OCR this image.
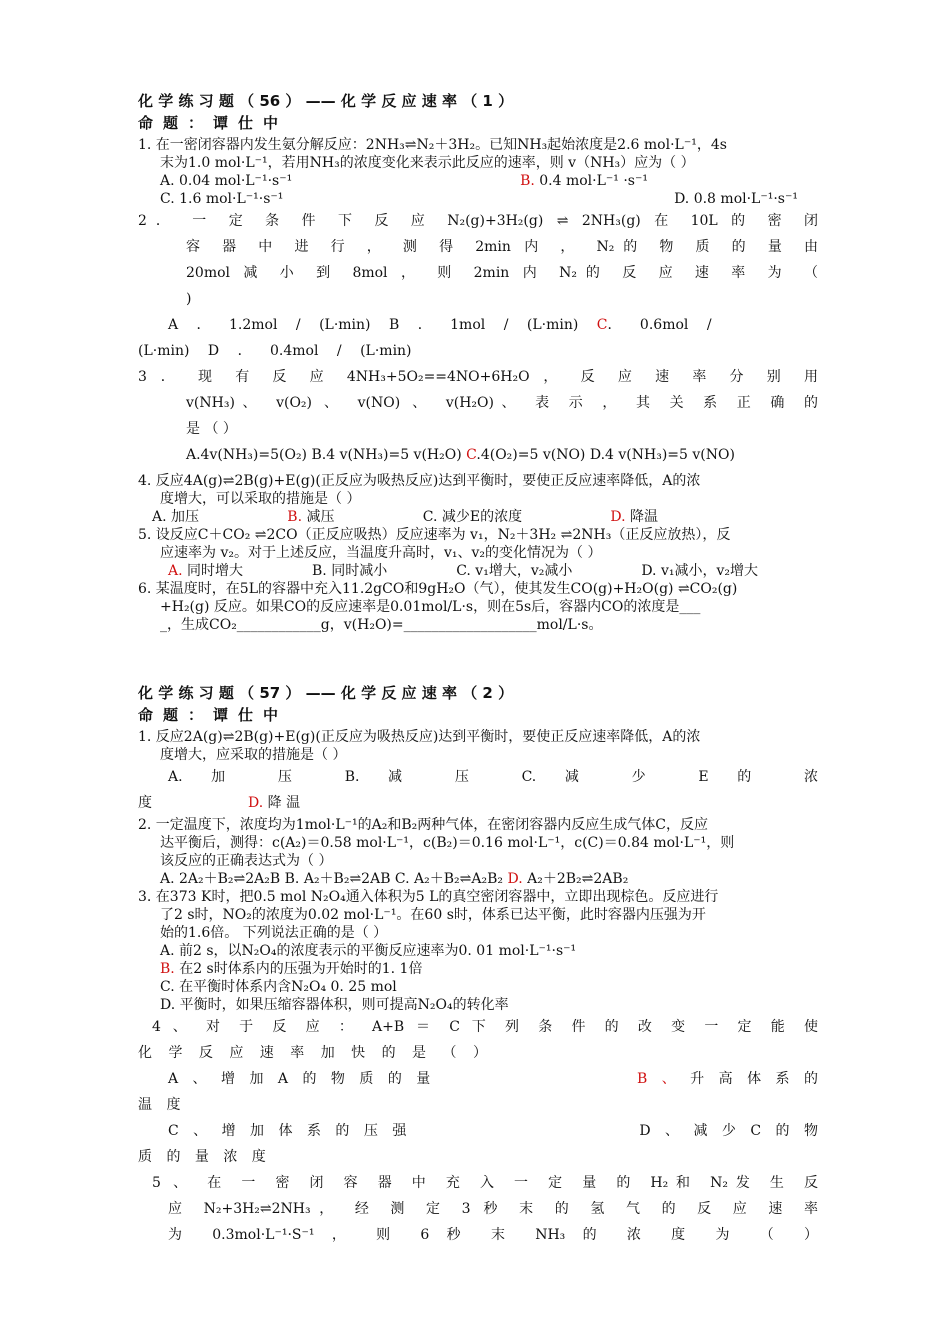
化 学 练 习 题 （ 56 ） —— 化 学 反 应 速 率 （ 1 ）
命题：谭仕中

1. 在一密闭容器内发生氨分解反应：2NH₃⇌N₂＋3H₂。已知NH₃起始浓度是2.6 mol·L⁻¹，4s

末为1.0 mol·L⁻¹，若用NH₃的浓度变化来表示此反应的速率，则 v（NH₃）应为（ ）

A. 0.04 mol·L⁻¹·s⁻¹	B. 0.4 mol·L⁻¹ ·s⁻¹
C. 1.6 mol·L⁻¹·s⁻¹	D. 0.8 mol·L⁻¹·s⁻¹

2． 一 定 条 件 下 反 应 N₂(g)+3H₂(g) ⇌ 2NH₃(g) 在 10L 的 密 闭

容 器 中 进 行 ， 测 得 2min 内 ， N₂的 物 质 的 量 由

20mol 减 小 到 8mol ， 则 2min 内 N₂的 反 应 速 率 为 （

)

A ． 1.2mol / (L·min) B ． 1mol / (L·min) C． 0.6mol /

(L·min) D ． 0.4mol / (L·min)

3 ． 现 有 反 应 4NH₃+5O₂==4NO+6H₂O ， 反 应 速 率 分 别 用

v(NH₃)、 v(O₂) 、 v(NO) 、 v(H₂O)、 表 示 ， 其 关 系 正 确 的

是 （ ）

A.4v(NH₃)=5(O₂) B.4 v(NH₃)=5 v(H₂O) C.4(O₂)=5 v(NO) D.4 v(NH₃)=5 v(NO)

4. 反应4A(g)⇌2B(g)+E(g)(正反应为吸热反应)达到平衡时，要使正反应速率降低，A的浓

度增大，可以采取的措施是（ ）

A. 加压	B. 减压	C. 减少E的浓度	D. 降温

5. 设反应C＋CO₂ ⇌2CO（正反应吸热）反应速率为 v₁，N₂＋3H₂ ⇌2NH₃（正反应放热），反

应速率为 v₂。对于上述反应，当温度升高时，v₁、v₂的变化情况为（ ）

A. 同时增大	B. 同时减小	C. v₁增大，v₂减小	D. v₁减小，v₂增大

6. 某温度时，在5L的容器中充入11.2gCO和9gH₂O（气），使其发生CO(g)+H₂O(g) ⇌CO₂(g)

+H₂(g) 反应。如果CO的反应速率是0.01mol/L·s，则在5s后，容器内CO的浓度是___

_，生成CO₂____________g，v(H₂O)=___________________mol/L·s。

化 学 练 习 题 （ 57 ） —— 化 学 反 应 速 率 （ 2 ）
命题：谭仕中

1. 反应2A(g)⇌2B(g)+E(g)(正反应为吸热反应)达到平衡时，要使正反应速率降低，A的浓

度增大，应采取的措施是（ ）

A. 加 压 B. 减 压 C. 减 少 E 的 浓

度	D. 降 温

2. 一定温度下，浓度均为1mol·L⁻¹的A₂和B₂两种气体，在密闭容器内反应生成气体C，反应

达平衡后，测得：c(A₂)＝0.58 mol·L⁻¹，c(B₂)＝0.16 mol·L⁻¹，c(C)＝0.84 mol·L⁻¹，则

该反应的正确表达式为（ ）

A. 2A₂＋B₂⇌2A₂B B. A₂＋B₂⇌2AB C. A₂＋B₂⇌A₂B₂ D. A₂＋2B₂⇌2AB₂

3. 在373 K时，把0.5 mol N₂O₄通入体积为5 L的真空密闭容器中，立即出现棕色。反应进行

了2 s时，NO₂的浓度为0.02 mol·L⁻¹。在60 s时，体系已达平衡，此时容器内压强为开

始的1.6倍。 下列说法正确的是（ ）

A. 前2 s，以N₂O₄的浓度表示的平衡反应速率为0. 01 mol·L⁻¹·s⁻¹

B. 在2 s时体系内的压强为开始时的1. 1倍

C. 在平衡时体系内含N₂O₄ 0. 25 mol

D. 平衡时，如果压缩容器体积，则可提高N₂O₄的转化率

4 、 对 于 反 应 ： A+B ＝ C 下 列 条 件 的 改 变 一 定 能 使

化 学 反 应 速 率 加 快 的 是 （ ）

A 、 增 加 A 的 物 质 的 量	B 、 升 高 体 系 的

温 度

C 、 增 加 体 系 的 压 强	D 、 减 少 C 的 物

质 的 量 浓 度

5 、 在 一 密 闭 容 器 中 充 入 一 定 量 的 H₂和 N₂发 生 反

应 N₂+3H₂⇌2NH₃， 经 测 定 3 秒 末 的 氢 气 的 反 应 速 率

为 0.3mol·L⁻¹·S⁻¹ ， 则 6 秒 末 NH₃ 的 浓 度 为 （ ）
